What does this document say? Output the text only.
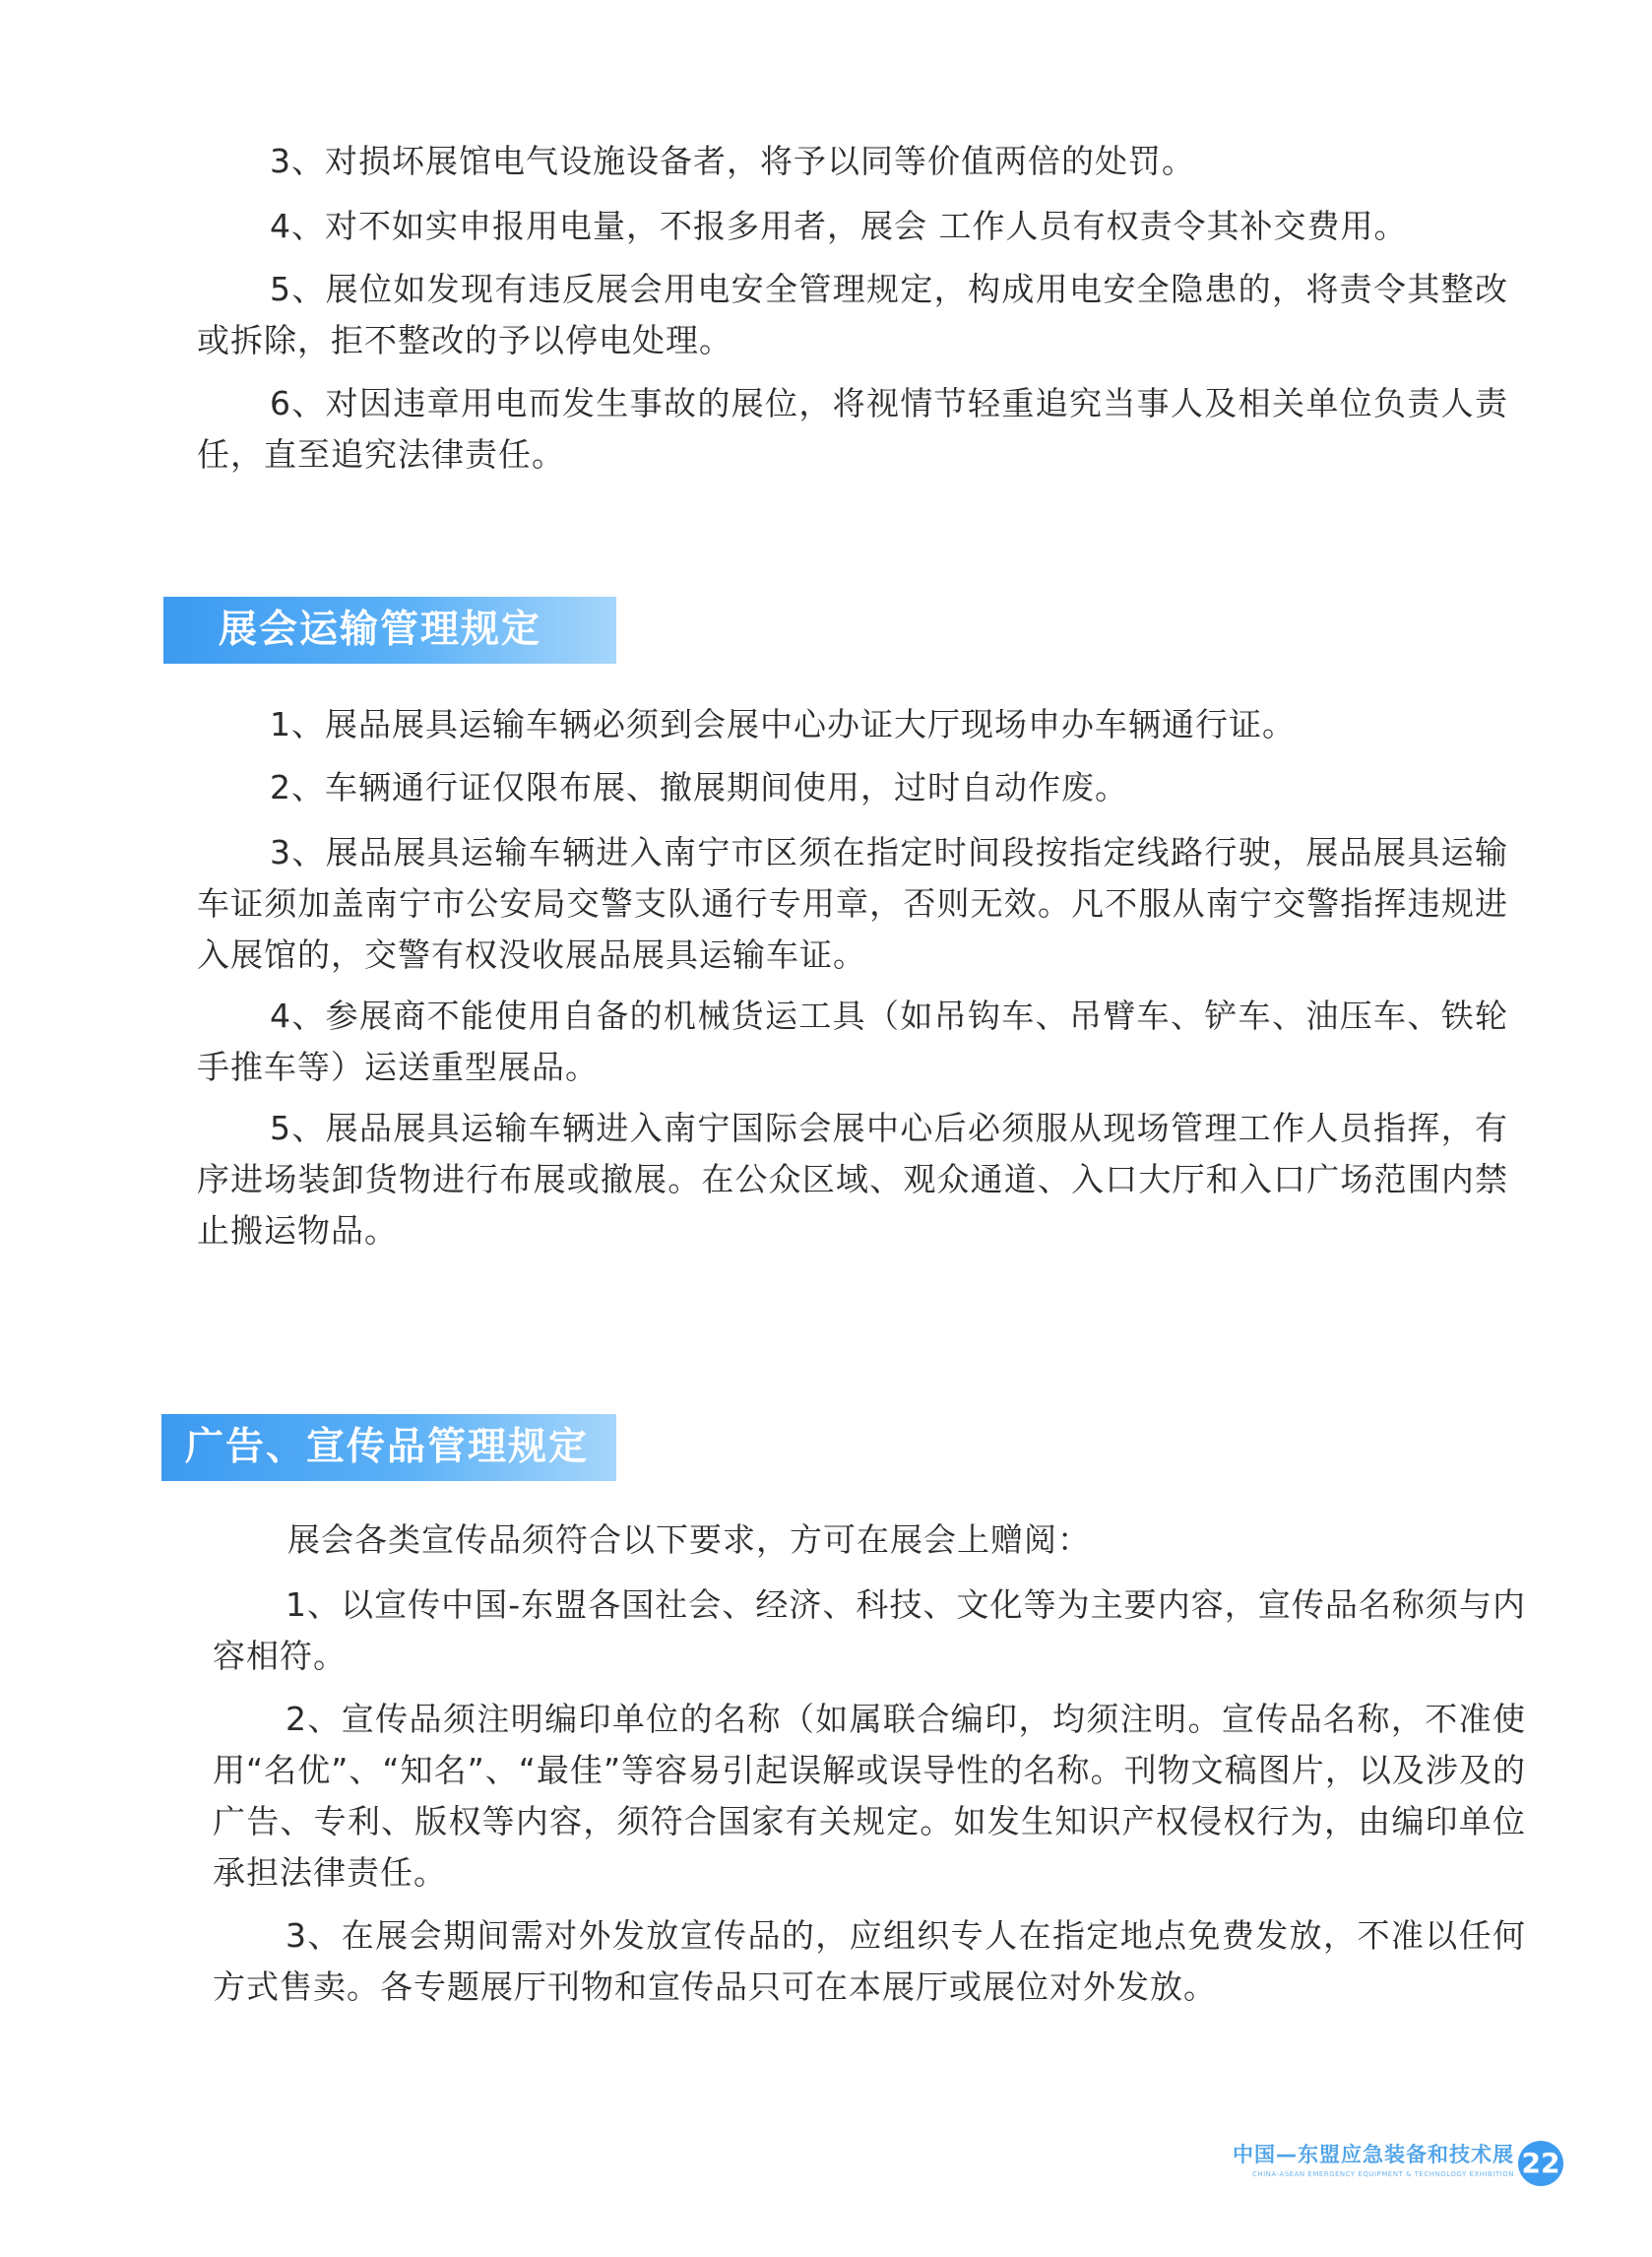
3、对损坏展馆电气设施设备者，将予以同等价值两倍的处罚。

4、对不如实申报用电量，不报多用者，展会 工作人员有权责令其补交费用。

5、展位如发现有违反展会用电安全管理规定，构成用电安全隐患的，将责令其整改或拆除，拒不整改的予以停电处理。

6、对因违章用电而发生事故的展位，将视情节轻重追究当事人及相关单位负责人责任，直至追究法律责任。

展会运输管理规定

1、展品展具运输车辆必须到会展中心办证大厅现场申办车辆通行证。

2、车辆通行证仅限布展、撤展期间使用，过时自动作废。

3、展品展具运输车辆进入南宁市区须在指定时间段按指定线路行驶，展品展具运输车证须加盖南宁市公安局交警支队通行专用章，否则无效。凡不服从南宁交警指挥违规进入展馆的，交警有权没收展品展具运输车证。

4、参展商不能使用自备的机械货运工具（如吊钩车、吊臂车、铲车、油压车、铁轮手推车等）运送重型展品。

5、展品展具运输车辆进入南宁国际会展中心后必须服从现场管理工作人员指挥，有序进场装卸货物进行布展或撤展。在公众区域、观众通道、入口大厅和入口广场范围内禁止搬运物品。

广告、宣传品管理规定

展会各类宣传品须符合以下要求，方可在展会上赠阅：

1、以宣传中国-东盟各国社会、经济、科技、文化等为主要内容，宣传品名称须与内容相符。

2、宣传品须注明编印单位的名称（如属联合编印，均须注明。宣传品名称，不准使用“名优”、“知名”、“最佳”等容易引起误解或误导性的名称。刊物文稿图片，以及涉及的广告、专利、版权等内容，须符合国家有关规定。如发生知识产权侵权行为，由编印单位承担法律责任。

3、在展会期间需对外发放宣传品的，应组织专人在指定地点免费发放，不准以任何方式售卖。各专题展厅刊物和宣传品只可在本展厅或展位对外发放。

中国—东盟应急装备和技术展
CHINA-ASEAN EMERGENCY EQUIPMENT & TECHNOLOGY EXHIBITION 22
